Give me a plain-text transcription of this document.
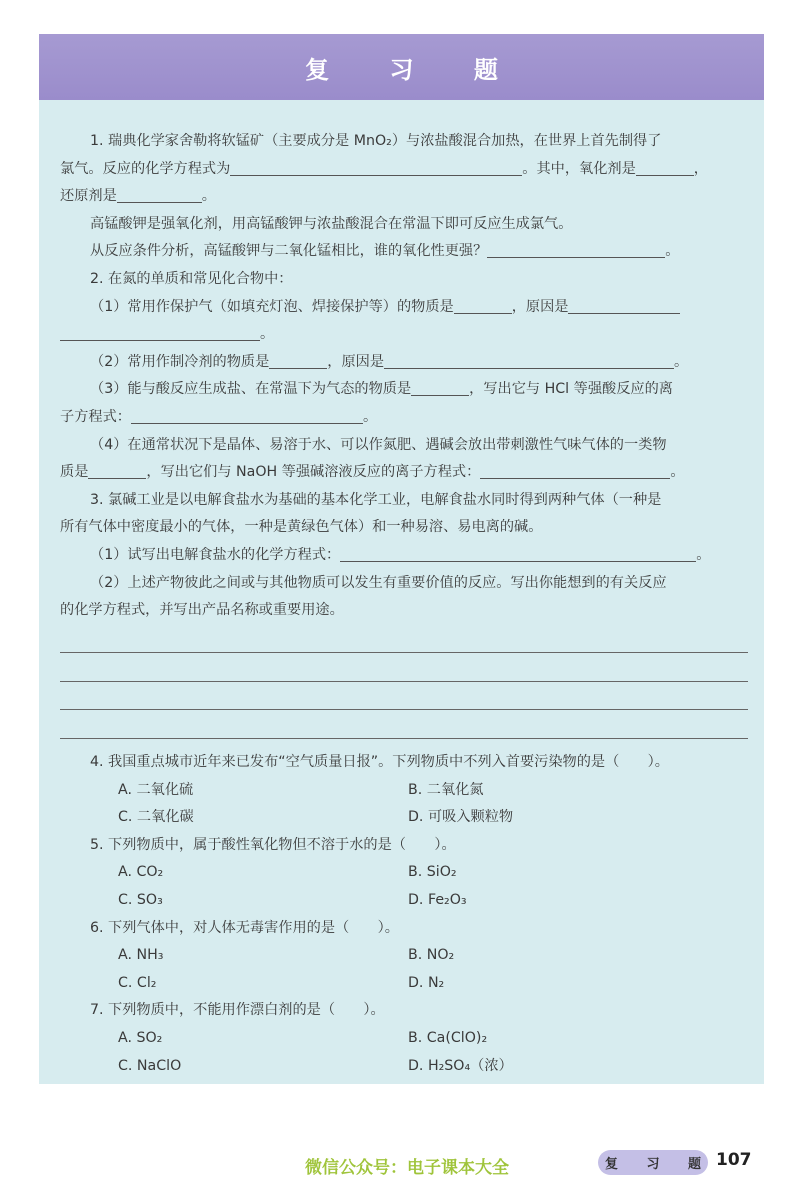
复 习 题

1. 瑞典化学家舍勒将软锰矿（主要成分是 MnO₂）与浓盐酸混合加热，在世界上首先制得了

氯气。反应的化学方程式为	。其中，氧化剂是	，

还原剂是	。

高锰酸钾是强氧化剂，用高锰酸钾与浓盐酸混合在常温下即可反应生成氯气。

从反应条件分析，高锰酸钾与二氧化锰相比，谁的氧化性更强？	。

2. 在氮的单质和常见化合物中：

（1）常用作保护气（如填充灯泡、焊接保护等）的物质是	，原因是

。

（2）常用作制冷剂的物质是	，原因是	。

（3）能与酸反应生成盐、在常温下为气态的物质是	，写出它与 HCl 等强酸反应的离

子方程式：	。

（4）在通常状况下是晶体、易溶于水、可以作氮肥、遇碱会放出带刺激性气味气体的一类物

质是	，写出它们与 NaOH 等强碱溶液反应的离子方程式：	。

3. 氯碱工业是以电解食盐水为基础的基本化学工业，电解食盐水同时得到两种气体（一种是

所有气体中密度最小的气体，一种是黄绿色气体）和一种易溶、易电离的碱。

（1）试写出电解食盐水的化学方程式：	。

（2）上述产物彼此之间或与其他物质可以发生有重要价值的反应。写出你能想到的有关反应

的化学方程式，并写出产品名称或重要用途。

4. 我国重点城市近年来已发布“空气质量日报”。下列物质中不列入首要污染物的是（　　）。

A. 二氧化硫	B. 二氧化氮
C. 二氧化碳	D. 可吸入颗粒物

5. 下列物质中，属于酸性氧化物但不溶于水的是（　　）。

A. CO₂	B. SiO₂
C. SO₃	D. Fe₂O₃

6. 下列气体中，对人体无毒害作用的是（　　）。

A. NH₃	B. NO₂
C. Cl₂	D. N₂

7. 下列物质中，不能用作漂白剂的是（　　）。

A. SO₂	B. Ca(ClO)₂
C. NaClO	D. H₂SO₄（浓）
微信公众号：电子课本大全	复 习 题 107
